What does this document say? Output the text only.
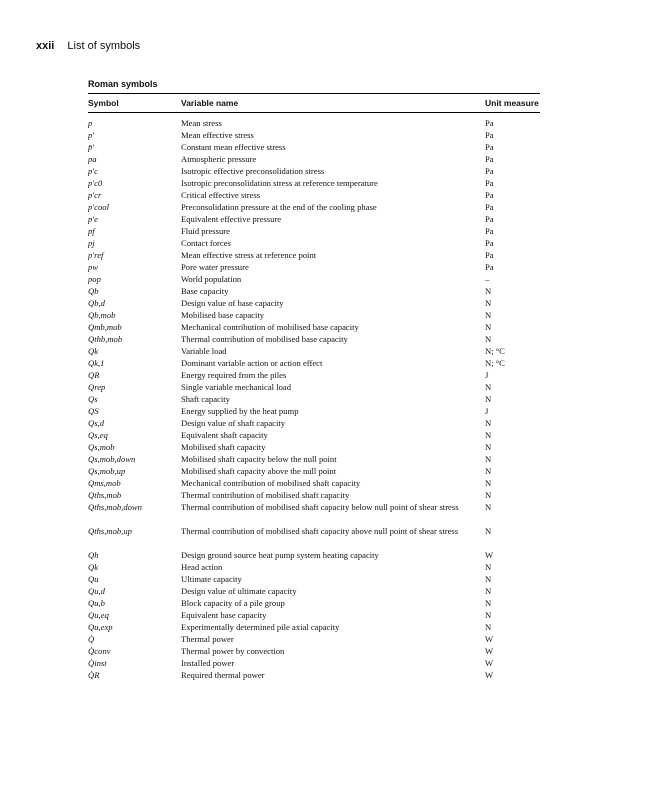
xxii List of symbols
Roman symbols
Symbol	Variable name	Unit measure
p	Mean stress	Pa
p′	Mean effective stress	Pa
p̄′	Constant mean effective stress	Pa
pa	Atmospheric pressure	Pa
p′c	Isotropic effective preconsolidation stress	Pa
p′c0	Isotropic preconsolidation stress at reference temperature	Pa
p′cr	Critical effective stress	Pa
p′cool	Preconsolidation pressure at the end of the cooling phase	Pa
p′e	Equivalent effective pressure	Pa
pf	Fluid pressure	Pa
pj	Contact forces	Pa
p′ref	Mean effective stress at reference point	Pa
pw	Pore water pressure	Pa
pop	World population	–
Qb	Base capacity	N
Qb,d	Design value of base capacity	N
Qb,mob	Mobilised base capacity	N
Qmb,mob	Mechanical contribution of mobilised base capacity	N
Qthb,mob	Thermal contribution of mobilised base capacity	N
Qk	Variable load	N; °C
Qk,1	Dominant variable action or action effect	N; °C
QR	Energy required from the piles	J
Qrep	Single variable mechanical load	N
Qs	Shaft capacity	N
QS	Energy supplied by the heat pump	J
Qs,d	Design value of shaft capacity	N
Qs,eq	Equivalent shaft capacity	N
Qs,mob	Mobilised shaft capacity	N
Qs,mob,down	Mobilised shaft capacity below the null point	N
Qs,mob,up	Mobilised shaft capacity above the null point	N
Qms,mob	Mechanical contribution of mobilised shaft capacity	N
Qths,mob	Thermal contribution of mobilised shaft capacity	N
Qths,mob,down	Thermal contribution of mobilised shaft capacity below null point of shear stress	N
Qths,mob,up	Thermal contribution of mobilised shaft capacity above null point of shear stress	N
Qh	Design ground source heat pump system heating capacity	W
Qk	Head action	N
Qu	Ultimate capacity	N
Qu,d	Design value of ultimate capacity	N
Qu,b	Block capacity of a pile group	N
Qu,eq	Equivalent base capacity	N
Qu,exp	Experimentally determined pile axial capacity	N
Q̇	Thermal power	W
Q̇conv	Thermal power by convection	W
Q̇inst	Installed power	W
Q̇R	Required thermal power	W
